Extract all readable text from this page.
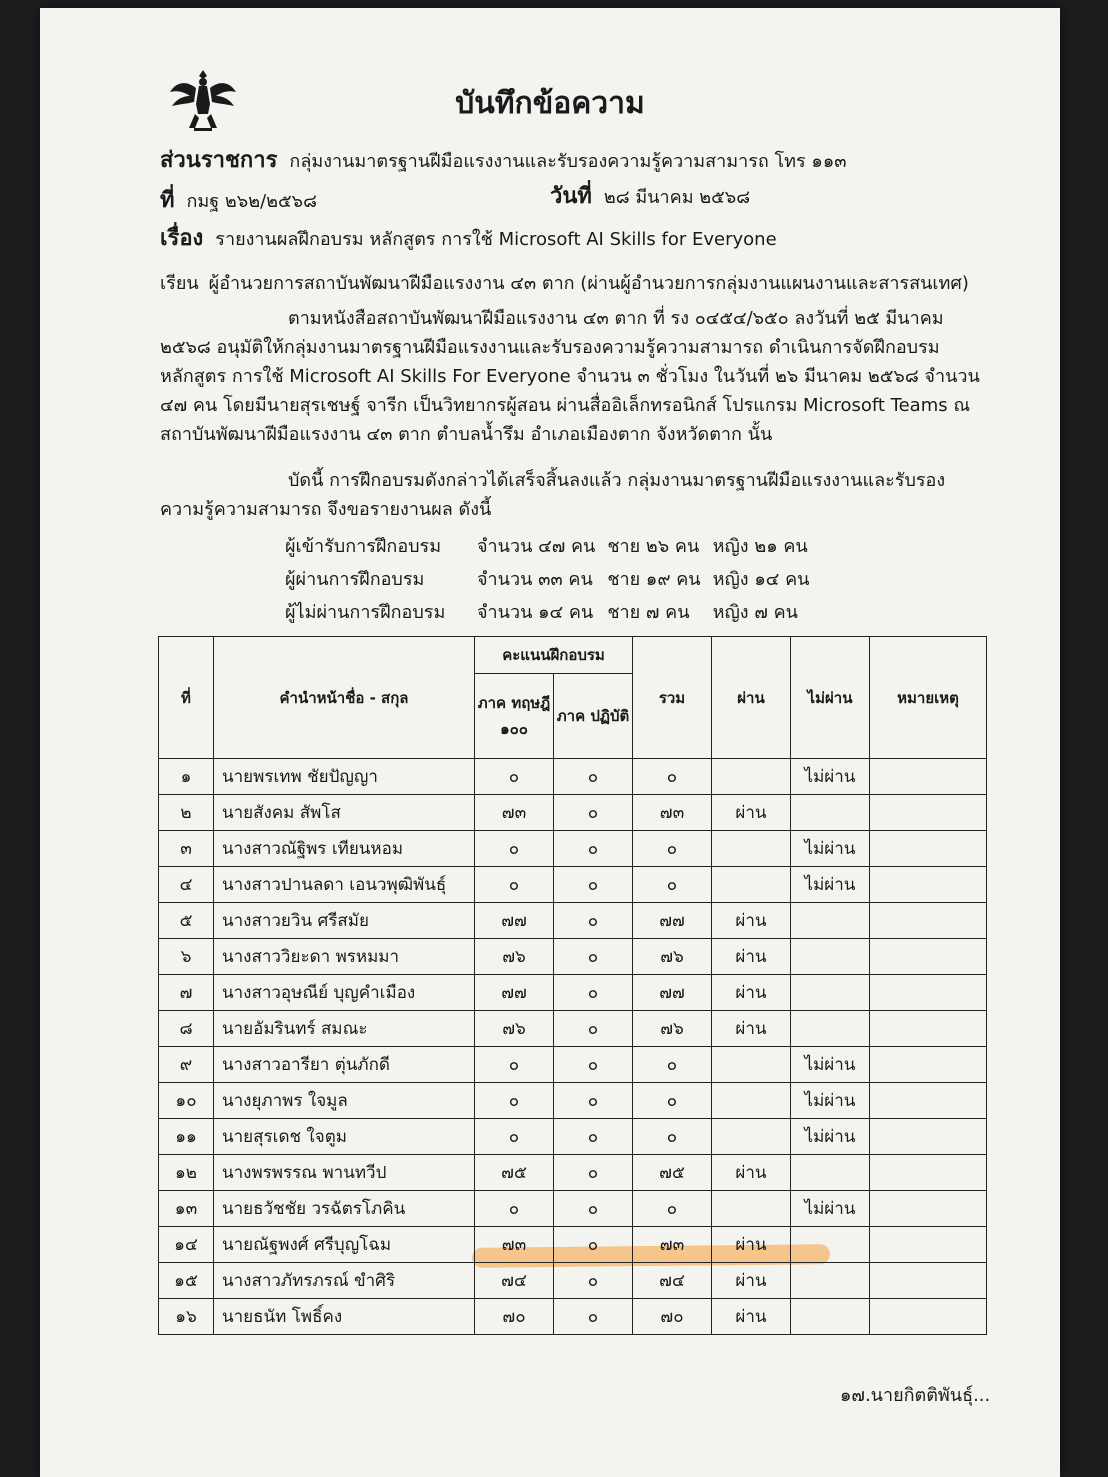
บันทึกข้อความ
ส่วนราชการ กลุ่มงานมาตรฐานฝีมือแรงงานและรับรองความรู้ความสามารถ โทร ๑๑๓
ที่ กมฐ ๒๖๒/๒๕๖๘	วันที่ ๒๘ มีนาคม ๒๕๖๘
เรื่อง รายงานผลฝึกอบรม หลักสูตร การใช้ Microsoft AI Skills for Everyone
เรียน ผู้อำนวยการสถาบันพัฒนาฝีมือแรงงาน ๔๓ ตาก (ผ่านผู้อำนวยการกลุ่มงานแผนงานและสารสนเทศ)
ตามหนังสือสถาบันพัฒนาฝีมือแรงงาน ๔๓ ตาก ที่ รง ๐๔๕๔/๖๕๐ ลงวันที่ ๒๕ มีนาคม ๒๕๖๘ อนุมัติให้กลุ่มงานมาตรฐานฝีมือแรงงานและรับรองความรู้ความสามารถ ดำเนินการจัดฝึกอบรมหลักสูตร การใช้ Microsoft AI Skills For Everyone จำนวน ๓ ชั่วโมง ในวันที่ ๒๖ มีนาคม ๒๕๖๘ จำนวน ๔๗ คน โดยมีนายสุรเชษฐ์ จารีก เป็นวิทยากรผู้สอน ผ่านสื่ออิเล็กทรอนิกส์ โปรแกรม Microsoft Teams ณ สถาบันพัฒนาฝีมือแรงงาน ๔๓ ตาก ตำบลน้ำรึม อำเภอเมืองตาก จังหวัดตาก นั้น
บัดนี้ การฝึกอบรมดังกล่าวได้เสร็จสิ้นลงแล้ว กลุ่มงานมาตรฐานฝีมือแรงงานและรับรองความรู้ความสามารถ จึงขอรายงานผล ดังนี้
ผู้เข้ารับการฝึกอบรม	จำนวน ๔๗ คน	ชาย ๒๖ คน	หญิง ๒๑ คน
ผู้ผ่านการฝึกอบรม	จำนวน ๓๓ คน	ชาย ๑๙ คน	หญิง ๑๔ คน
ผู้ไม่ผ่านการฝึกอบรม	จำนวน ๑๔ คน	ชาย ๗ คน	หญิง ๗ คน
ที่	คำนำหน้าชื่อ - สกุล	คะแนนฝึกอบรม		รวม	ผ่าน	ไม่ผ่าน	หมายเหตุ
		ภาค ทฤษฎี ๑๐๐	ภาค ปฏิบัติ				
๑	นายพรเทพ ชัยปัญญา	๐	๐	๐		ไม่ผ่าน	
๒	นายสังคม สัพโส	๗๓	๐	๗๓	ผ่าน		
๓	นางสาวณัฐิพร เทียนหอม	๐	๐	๐		ไม่ผ่าน	
๔	นางสาวปานลดา เอนวพุฒิพันธุ์	๐	๐	๐		ไม่ผ่าน	
๕	นางสาวยวิน ศรีสมัย	๗๗	๐	๗๗	ผ่าน		
๖	นางสาววิยะดา พรหมมา	๗๖	๐	๗๖	ผ่าน		
๗	นางสาวอุษณีย์ บุญคำเมือง	๗๗	๐	๗๗	ผ่าน		
๘	นายอัมรินทร์ สมณะ	๗๖	๐	๗๖	ผ่าน		
๙	นางสาวอารียา ตุ่นภักดี	๐	๐	๐		ไม่ผ่าน	
๑๐	นางยุภาพร ใจมูล	๐	๐	๐		ไม่ผ่าน	
๑๑	นายสุรเดช ใจตูม	๐	๐	๐		ไม่ผ่าน	
๑๒	นางพรพรรณ พานทวีป	๗๕	๐	๗๕	ผ่าน		
๑๓	นายธวัชชัย วรฉัตรโภคิน	๐	๐	๐		ไม่ผ่าน	
๑๔	นายณัฐพงศ์ ศรีบุญโฉม	๗๓	๐	๗๓	ผ่าน		
๑๕	นางสาวภัทรภรณ์ ขำศิริ	๗๔	๐	๗๔	ผ่าน		
๑๖	นายธนัท โพธิ์คง	๗๐	๐	๗๐	ผ่าน		
๑๗.นายกิตติพันธุ์...
